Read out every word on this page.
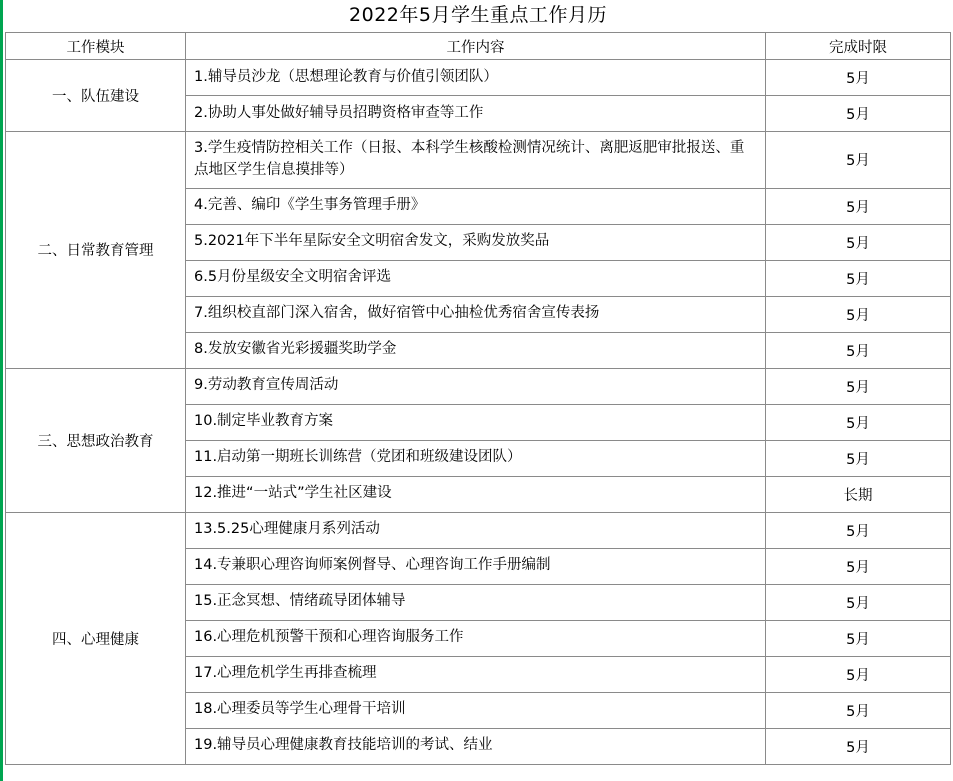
2022年5月学生重点工作月历		
工作模块	工作内容	完成时限
一、队伍建设	1.辅导员沙龙（思想理论教育与价值引领团队）	5月
	2.协助人事处做好辅导员招聘资格审查等工作	5月
二、日常教育管理	3.学生疫情防控相关工作（日报、本科学生核酸检测情况统计、离肥返肥审批报送、重点地区学生信息摸排等）	5月
	4.完善、编印《学生事务管理手册》	5月
	5.2021年下半年星际安全文明宿舍发文，采购发放奖品	5月
	6.5月份星级安全文明宿舍评选	5月
	7.组织校直部门深入宿舍，做好宿管中心抽检优秀宿舍宣传表扬	5月
	8.发放安徽省光彩援疆奖助学金	5月
三、思想政治教育	9.劳动教育宣传周活动	5月
	10.制定毕业教育方案	5月
	11.启动第一期班长训练营（党团和班级建设团队）	5月
	12.推进“一站式”学生社区建设	长期
四、心理健康	13.5.25心理健康月系列活动	5月
	14.专兼职心理咨询师案例督导、心理咨询工作手册编制	5月
	15.正念冥想、情绪疏导团体辅导	5月
	16.心理危机预警干预和心理咨询服务工作	5月
	17.心理危机学生再排查梳理	5月
	18.心理委员等学生心理骨干培训	5月
	19.辅导员心理健康教育技能培训的考试、结业	5月
